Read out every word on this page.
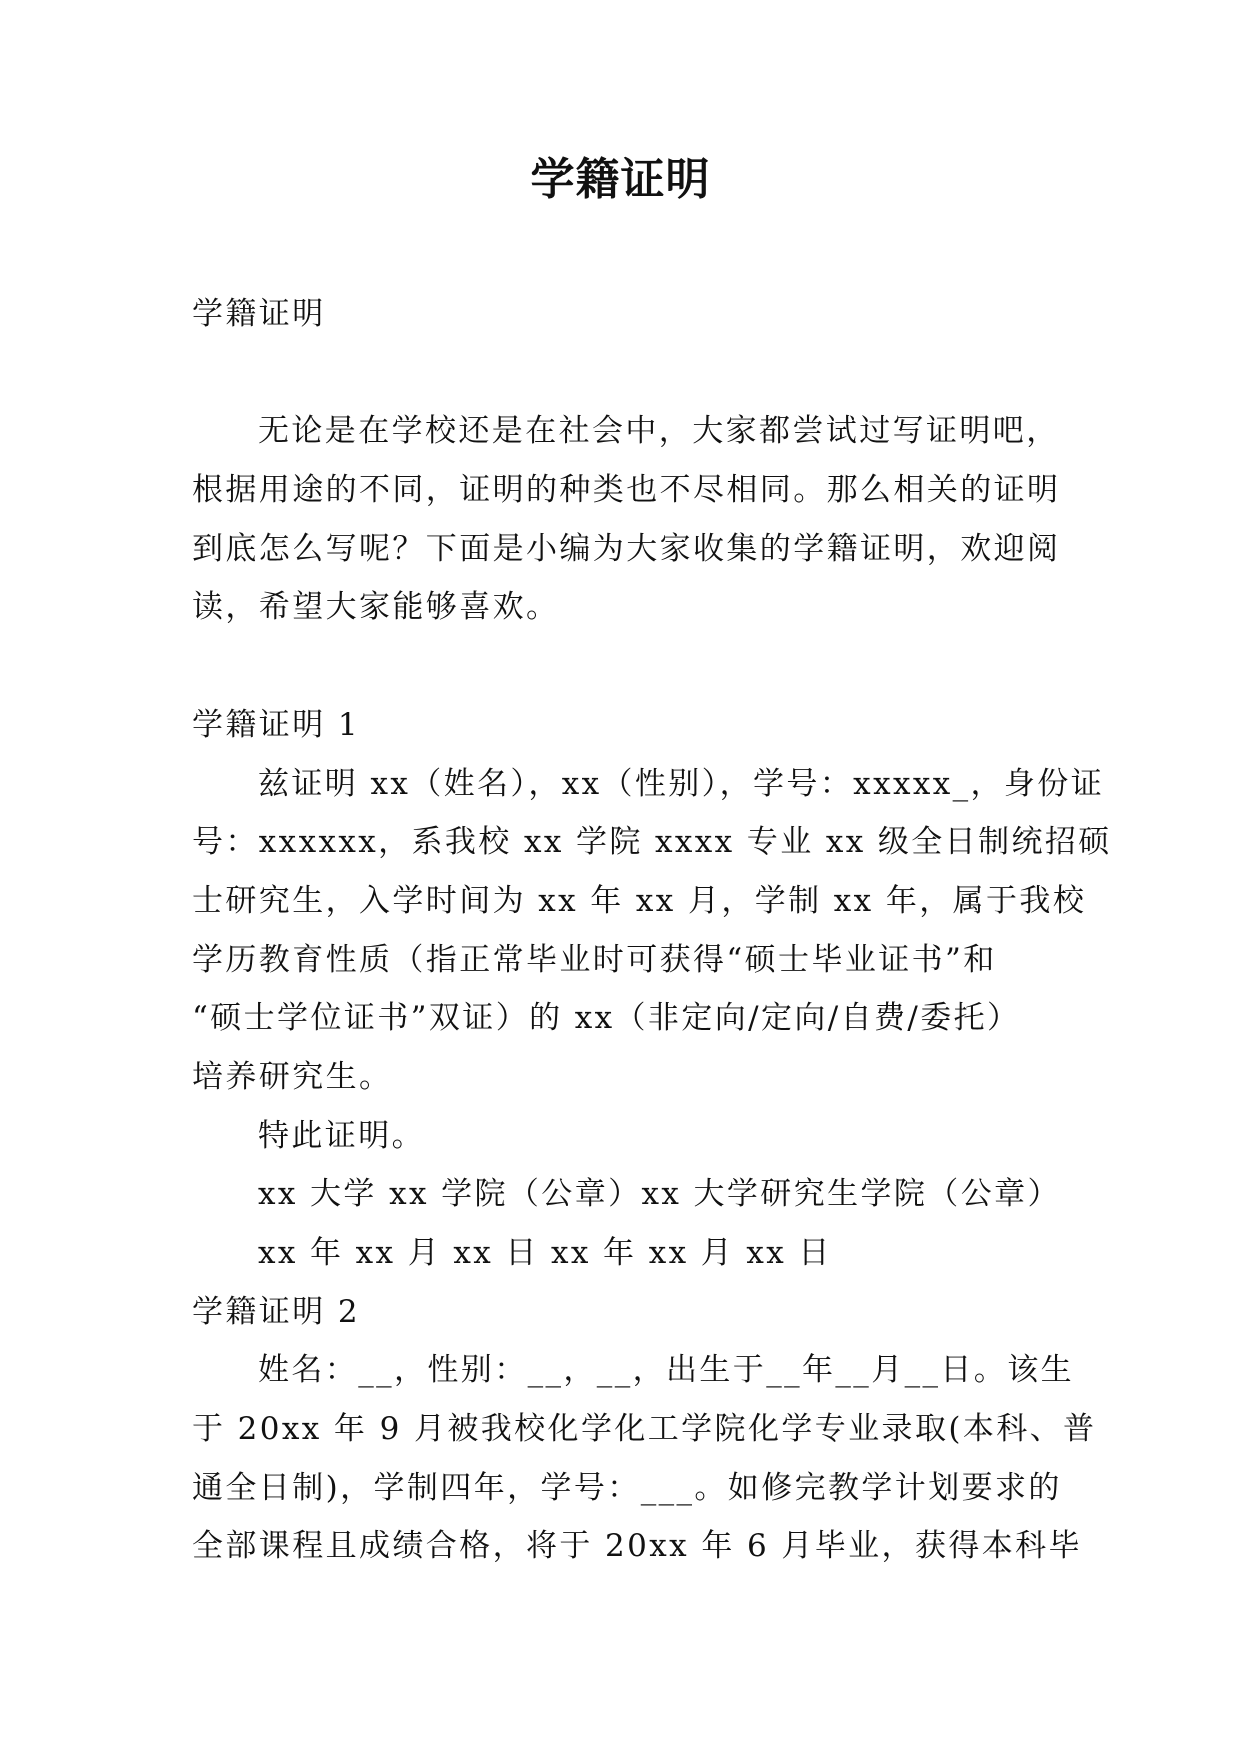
学籍证明
学籍证明
无论是在学校还是在社会中，大家都尝试过写证明吧，
根据用途的不同，证明的种类也不尽相同。那么相关的证明
到底怎么写呢？下面是小编为大家收集的学籍证明，欢迎阅
读，希望大家能够喜欢。
学籍证明 1
兹证明 xx（姓名），xx（性别），学号：xxxxx_，身份证
号：xxxxxx，系我校 xx 学院 xxxx 专业 xx 级全日制统招硕
士研究生，入学时间为 xx 年 xx 月，学制 xx 年，属于我校
学历教育性质（指正常毕业时可获得“硕士毕业证书”和
“硕士学位证书”双证）的 xx（非定向/定向/自费/委托）
培养研究生。
特此证明。
xx 大学 xx 学院（公章）xx 大学研究生学院（公章）
xx 年 xx 月 xx 日 xx 年 xx 月 xx 日
学籍证明 2
姓名：__，性别：__，__，出生于__年__月__日。该生
于 20xx 年 9 月被我校化学化工学院化学专业录取(本科、普
通全日制)，学制四年，学号：___。如修完教学计划要求的
全部课程且成绩合格，将于 20xx 年 6 月毕业，获得本科毕
